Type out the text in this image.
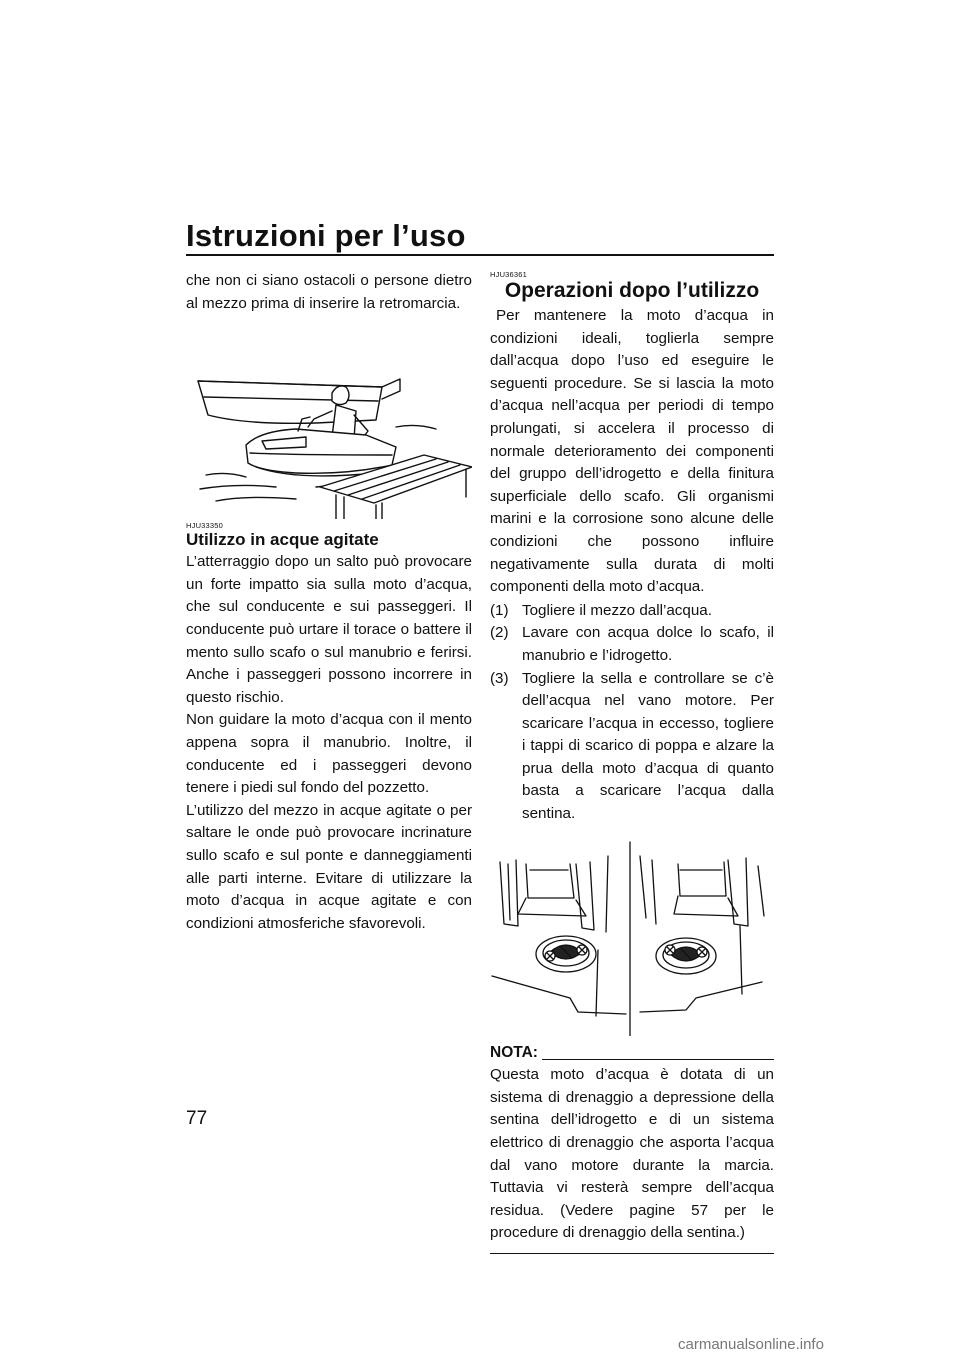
Istruzioni per l’uso

che non ci siano ostacoli o persone dietro al mezzo prima di inserire la retromarcia.

HJU33350

Utilizzo in acque agitate

L’atterraggio dopo un salto può provocare un forte impatto sia sulla moto d’acqua, che sul conducente e sui passeggeri. Il conducente può urtare il torace o battere il mento sullo scafo o sul manubrio e ferirsi. Anche i passeggeri possono incorrere in questo rischio.

Non guidare la moto d’acqua con il mento appena sopra il manubrio. Inoltre, il conducente ed i passeggeri devono tenere i piedi sul fondo del pozzetto.

L’utilizzo del mezzo in acque agitate o per saltare le onde può provocare incrinature sullo scafo e sul ponte e danneggiamenti alle parti interne. Evitare di utilizzare la moto d’acqua in acque agitate e con condizioni atmosferiche sfavorevoli.

HJU36361

Operazioni dopo l’utilizzo

Per mantenere la moto d’acqua in condizioni ideali, toglierla sempre dall’acqua dopo l’uso ed eseguire le seguenti procedure. Se si lascia la moto d’acqua nell’acqua per periodi di tempo prolungati, si accelera il processo di normale deterioramento dei componenti del gruppo dell’idrogetto e della finitura superficiale dello scafo. Gli organismi marini e la corrosione sono alcune delle condizioni che possono influire negativamente sulla durata di molti componenti della moto d’acqua.

(1) Togliere il mezzo dall’acqua.
(2) Lavare con acqua dolce lo scafo, il manubrio e l’idrogetto.
(3) Togliere la sella e controllare se c’è dell’acqua nel vano motore. Per scaricare l’acqua in eccesso, togliere i tappi di scarico di poppa e alzare la prua della moto d’acqua di quanto basta a scaricare l’acqua dalla sentina.
NOTA:

Questa moto d’acqua è dotata di un sistema di drenaggio a depressione della sentina dell’idrogetto e di un sistema elettrico di drenaggio che asporta l’acqua dal vano motore durante la marcia. Tuttavia vi resterà sempre dell’acqua residua. (Vedere pagine 57 per le procedure di drenaggio della sentina.)

77
carmanualsonline.info
